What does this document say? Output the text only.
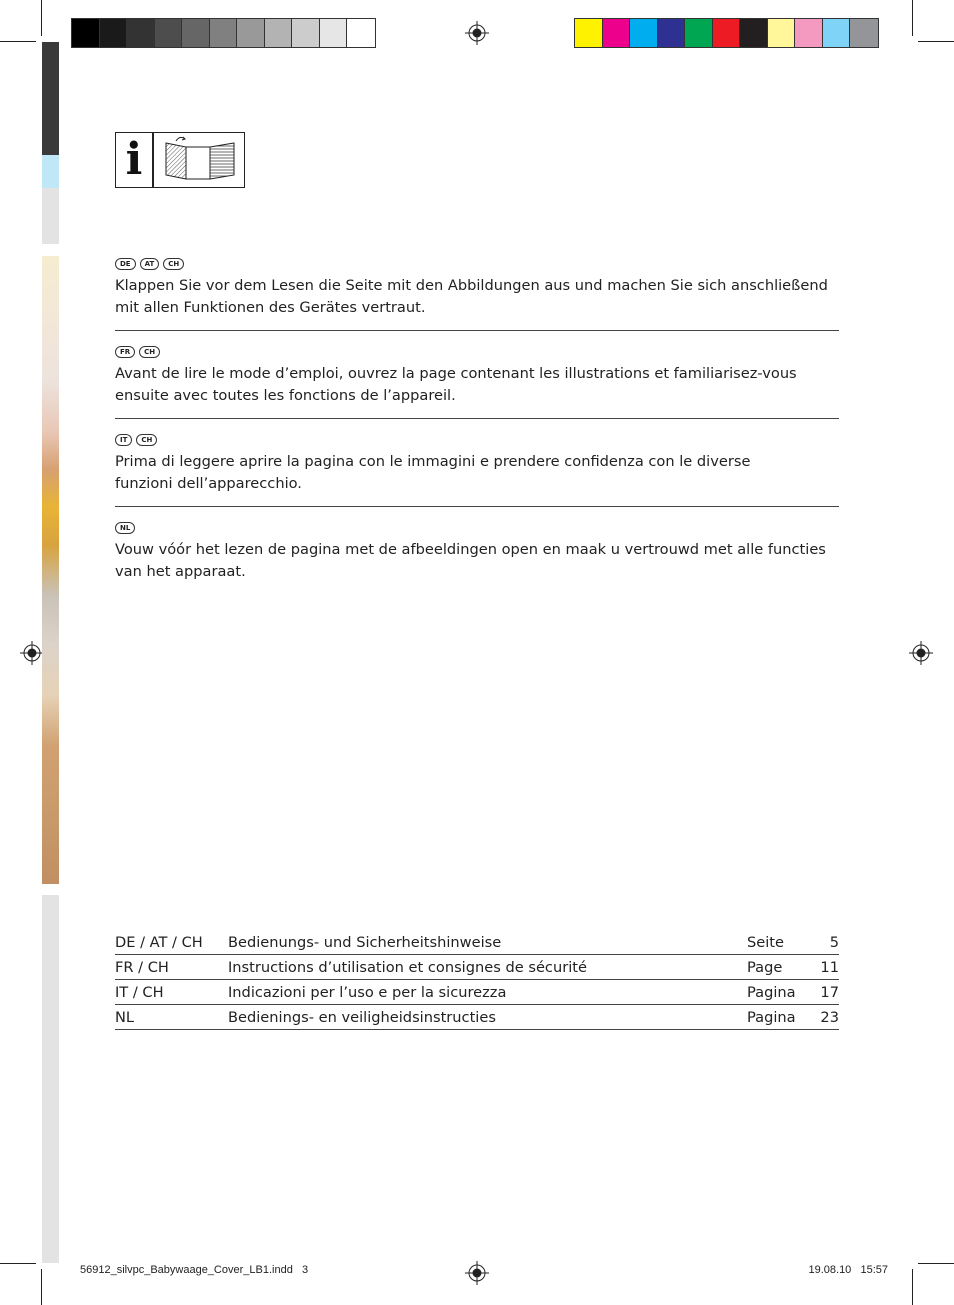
i
DE	AT	CH
Klappen Sie vor dem Lesen die Seite mit den Abbildungen aus und machen Sie sich anschließend mit allen Funktionen des Gerätes vertraut.
FR	CH
Avant de lire le mode d’emploi, ouvrez la page contenant les illustrations et familiarisez-vous ensuite avec toutes les fonctions de l’appareil.
IT	CH
Prima di leggere aprire la pagina con le immagini e prendere confidenza con le diverse funzioni dell’apparecchio.
NL
Vouw vóór het lezen de pagina met de afbeeldingen open en maak u vertrouwd met alle functies van het apparaat.
DE / AT / CH	Bedienungs- und Sicherheitshinweise	Seite	5
FR / CH	Instructions d’utilisation et consignes de sécurité	Page	11
IT / CH	Indicazioni per l’uso e per la sicurezza	Pagina	17
NL	Bedienings- en veiligheidsinstructies	Pagina	23
56912_silvpc_Babywaage_Cover_LB1.indd   3	19.08.10   15:57
